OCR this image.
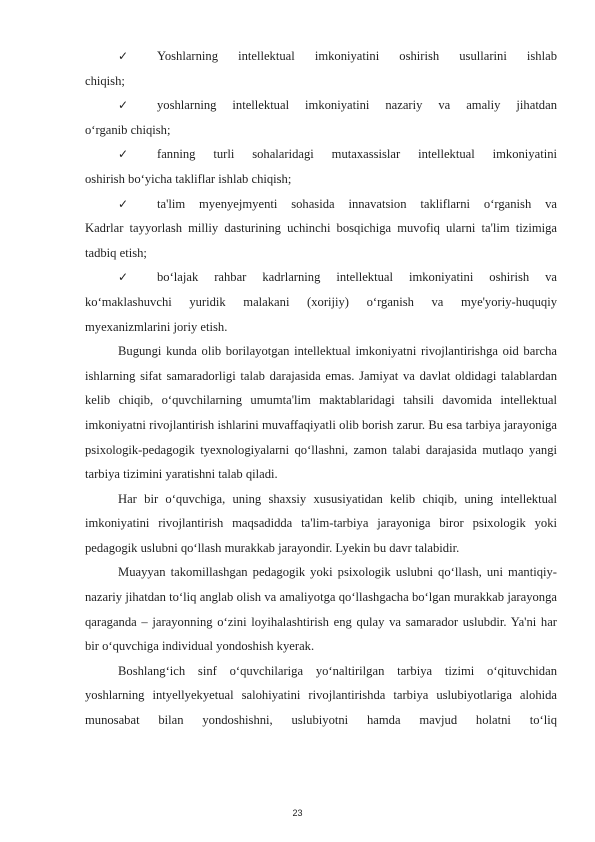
✓	Yoshlarning intellektual imkoniyatini oshirish usullarini ishlab
chiqish;
✓	yoshlarning intellektual imkoniyatini nazariy va amaliy jihatdan
o‘rganib chiqish;
✓	fanning turli sohalaridagi mutaxassislar intellektual imkoniyatini
oshirish bo‘yicha takliflar ishlab chiqish;
✓	ta'lim myenyejmyenti sohasida innavatsion takliflarni o‘rganish va
Kadrlar tayyorlash milliy dasturining uchinchi bosqichiga muvofiq ularni ta'lim tizimiga tadbiq etish;
✓	bo‘lajak rahbar kadrlarning intellektual imkoniyatini oshirish va
ko‘maklashuvchi yuridik malakani (xorijiy) o‘rganish va mye'yoriy-huquqiy myexanizmlarini joriy etish.

Bugungi kunda olib borilayotgan intellektual imkoniyatni rivojlantirishga oid barcha ishlarning sifat samaradorligi talab darajasida emas. Jamiyat va davlat oldidagi talablardan kelib chiqib, o‘quvchilarning umumta'lim maktablaridagi tahsili davomida intellektual imkoniyatni rivojlantirish ishlarini muvaffaqiyatli olib borish zarur. Bu esa tarbiya jarayoniga psixologik-pedagogik tyexnologiyalarni qo‘llashni, zamon talabi darajasida mutlaqo yangi tarbiya tizimini yaratishni talab qiladi.

Har bir o‘quvchiga, uning shaxsiy xususiyatidan kelib chiqib, uning intellektual imkoniyatini rivojlantirish maqsadidda ta'lim-tarbiya jarayoniga biror psixologik yoki pedagogik uslubni qo‘llash murakkab jarayondir. Lyekin bu davr talabidir.

Muayyan takomillashgan pedagogik yoki psixologik uslubni qo‘llash, uni mantiqiy-nazariy jihatdan to‘liq anglab olish va amaliyotga qo‘llashgacha bo‘lgan murakkab jarayonga qaraganda – jarayonning o‘zini loyihalashtirish eng qulay va samarador uslubdir. Ya'ni har bir o‘quvchiga individual yondoshish kyerak.

Boshlang‘ich sinf o‘quvchilariga yo‘naltirilgan tarbiya tizimi o‘qituvchidan yoshlarning intyellyekyetual salohiyatini rivojlantirishda tarbiya uslubiyotlariga alohida munosabat bilan yondoshishni, uslubiyotni hamda mavjud holatni to‘liq

23
